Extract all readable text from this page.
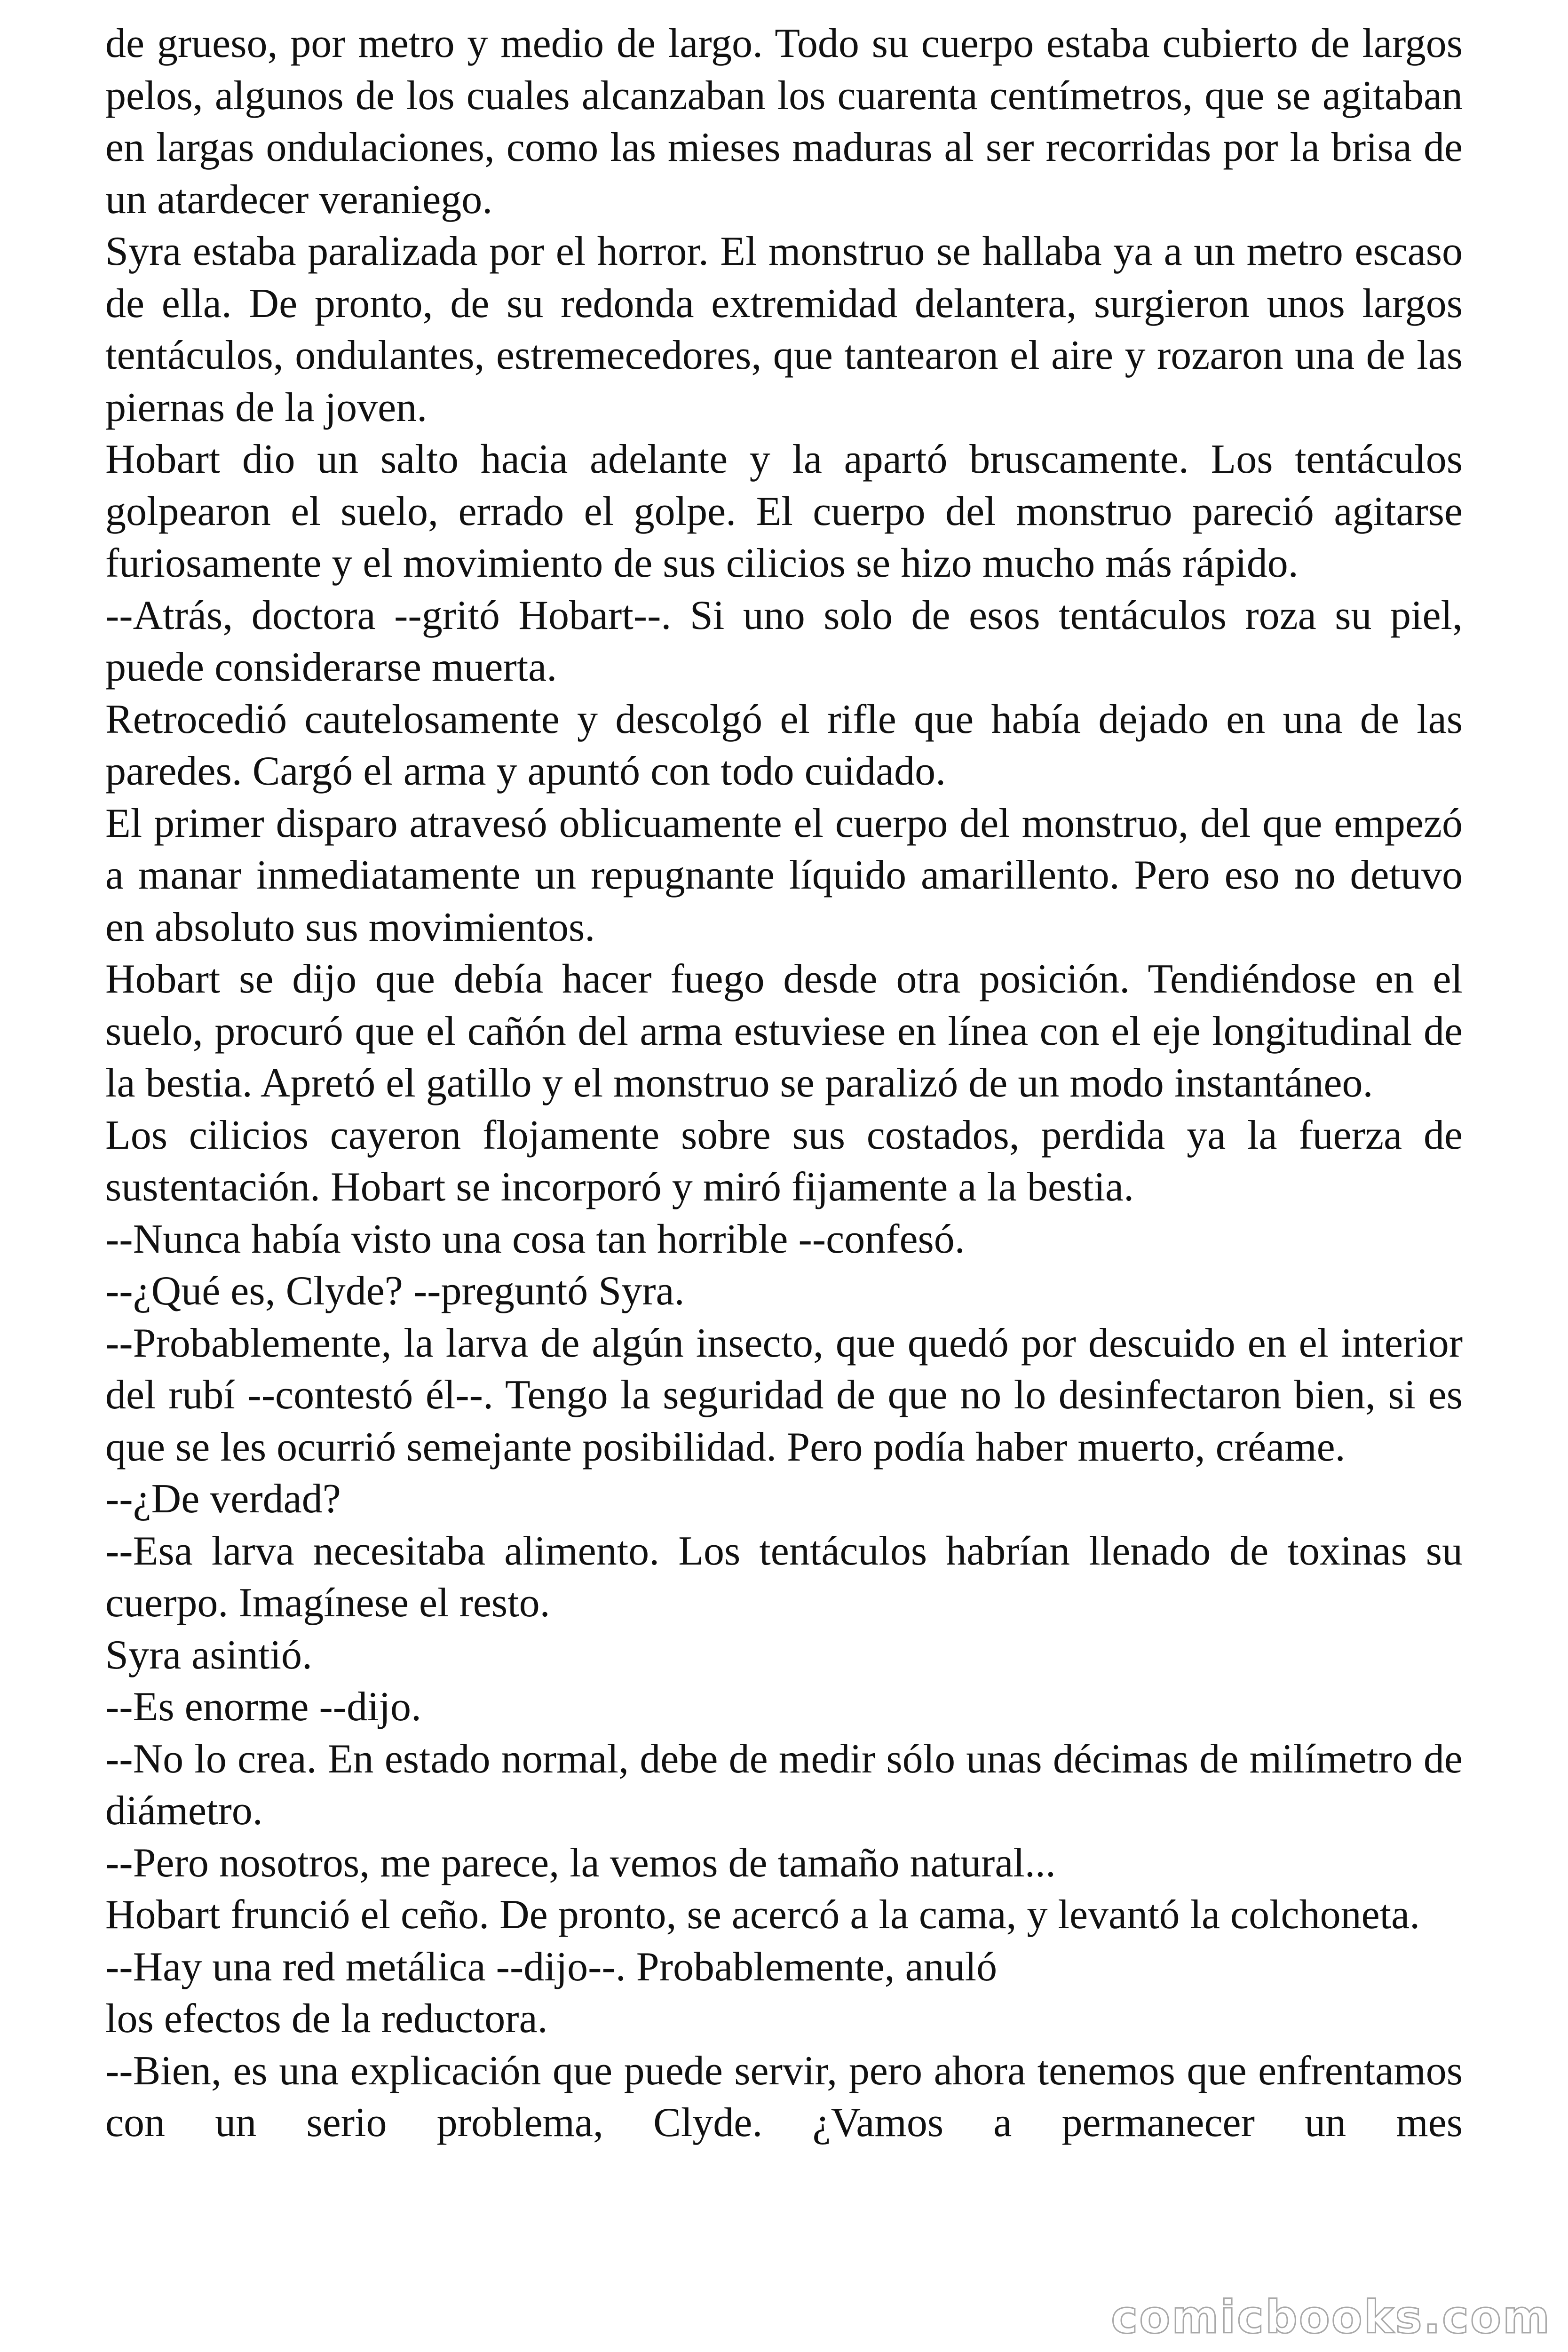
de grueso, por metro y medio de largo. Todo su cuerpo estaba cubierto de largos pelos, algunos de los cuales alcanzaban los cuarenta centímetros, que se agitaban en largas ondulaciones, como las mieses maduras al ser recorridas por la brisa de un atardecer veraniego.

Syra estaba paralizada por el horror. El monstruo se hallaba ya a un metro escaso de ella. De pronto, de su redonda extremidad delantera, surgieron unos largos tentáculos, ondulantes, estremecedores, que tantearon el aire y rozaron una de las piernas de la joven.

Hobart dio un salto hacia adelante y la apartó bruscamente. Los tentáculos golpearon el suelo, errado el golpe. El cuerpo del monstruo pareció agitarse furiosamente y el movimiento de sus cilicios se hizo mucho más rápido.

--Atrás, doctora --gritó Hobart--. Si uno solo de esos tentáculos roza su piel, puede considerarse muerta.

Retrocedió cautelosamente y descolgó el rifle que había dejado en una de las paredes. Cargó el arma y apuntó con todo cuidado.

El primer disparo atravesó oblicuamente el cuerpo del monstruo, del que empezó a manar inmediatamente un repugnante líquido amarillento. Pero eso no detuvo en absoluto sus movimientos.

Hobart se dijo que debía hacer fuego desde otra posición. Tendiéndose en el suelo, procuró que el cañón del arma estuviese en línea con el eje longitudinal de la bestia. Apretó el gatillo y el monstruo se paralizó de un modo instantáneo.

Los cilicios cayeron flojamente sobre sus costados, perdida ya la fuerza de sustentación. Hobart se incorporó y miró fijamente a la bestia.

--Nunca había visto una cosa tan horrible --confesó.

--¿Qué es, Clyde? --preguntó Syra.

--Probablemente, la larva de algún insecto, que quedó por descuido en el interior del rubí --contestó él--. Tengo la seguridad de que no lo desinfectaron bien, si es que se les ocurrió semejante posibilidad. Pero podía haber muerto, créame.

--¿De verdad?

--Esa larva necesitaba alimento. Los tentáculos habrían llenado de toxinas su cuerpo. Imagínese el resto.

Syra asintió.

--Es enorme --dijo.

--No lo crea. En estado normal, debe de medir sólo unas décimas de milímetro de diámetro.

--Pero nosotros, me parece, la vemos de tamaño natural...

Hobart frunció el ceño. De pronto, se acercó a la cama, y levantó la colchoneta.

--Hay una red metálica --dijo--. Probablemente, anuló

los efectos de la reductora.

--Bien, es una explicación que puede servir, pero ahora tenemos que enfrentamos con un serio problema, Clyde. ¿Vamos a permanecer un mes

comicbooks.com
